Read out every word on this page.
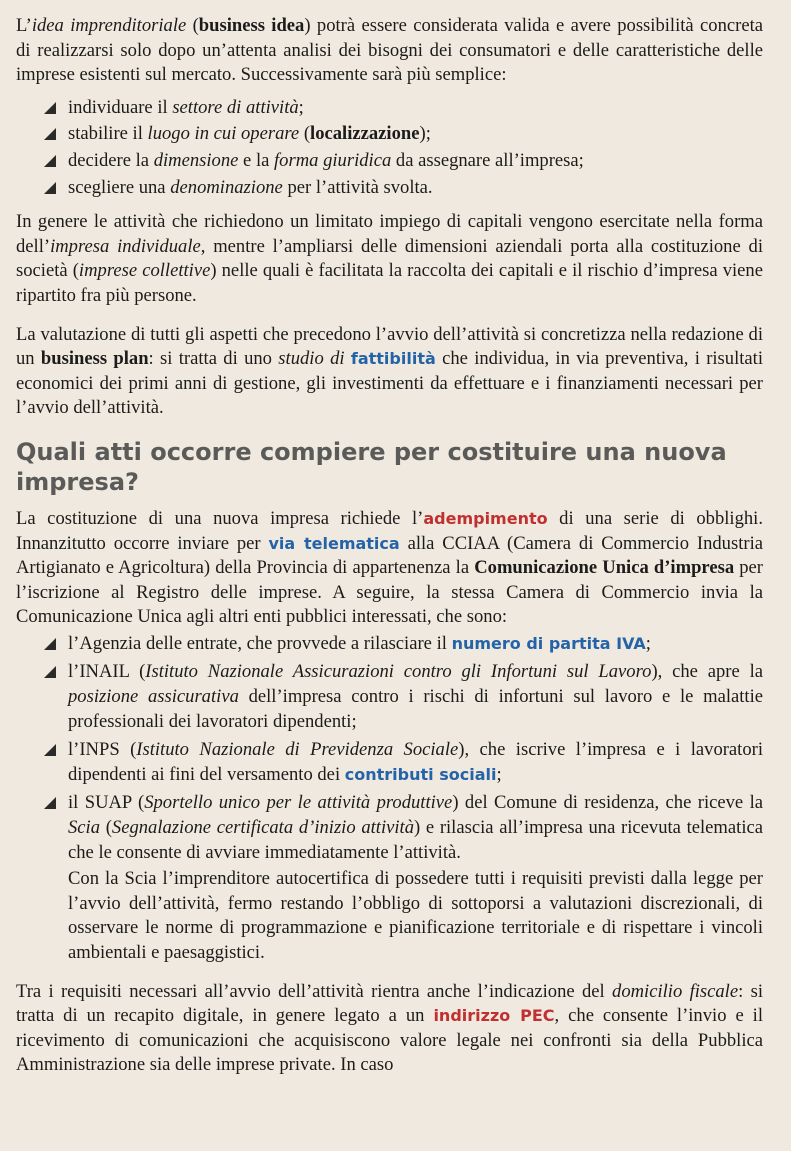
L’idea imprenditoriale (business idea) potrà essere considerata valida e avere possibilità concreta di realizzarsi solo dopo un’attenta analisi dei bisogni dei consumatori e delle caratteristiche delle imprese esistenti sul mercato. Successivamente sarà più semplice:

individuare il settore di attività;
stabilire il luogo in cui operare (localizzazione);
decidere la dimensione e la forma giuridica da assegnare all’impresa;
scegliere una denominazione per l’attività svolta.

In genere le attività che richiedono un limitato impiego di capitali vengono esercitate nella forma dell’impresa individuale, mentre l’ampliarsi delle dimensioni aziendali porta alla costituzione di società (imprese collettive) nelle quali è facilitata la raccolta dei capitali e il rischio d’impresa viene ripartito fra più persone.

La valutazione di tutti gli aspetti che precedono l’avvio dell’attività si concretizza nella redazione di un business plan: si tratta di uno studio di fattibilità che individua, in via preventiva, i risultati economici dei primi anni di gestione, gli investimenti da effettuare e i finanziamenti necessari per l’avvio dell’attività.

Quali atti occorre compiere per costituire una nuova impresa?

La costituzione di una nuova impresa richiede l’adempimento di una serie di obblighi. Innanzitutto occorre inviare per via telematica alla CCIAA (Camera di Commercio Industria Artigianato e Agricoltura) della Provincia di appartenenza la Comunicazione Unica d’impresa per l’iscrizione al Registro delle imprese. A seguire, la stessa Camera di Commercio invia la Comunicazione Unica agli altri enti pubblici interessati, che sono:

l’Agenzia delle entrate, che provvede a rilasciare il numero di partita IVA;
l’INAIL (Istituto Nazionale Assicurazioni contro gli Infortuni sul Lavoro), che apre la posizione assicurativa dell’impresa contro i rischi di infortuni sul lavoro e le malattie professionali dei lavoratori dipendenti;
l’INPS (Istituto Nazionale di Previdenza Sociale), che iscrive l’impresa e i lavoratori dipendenti ai fini del versamento dei contributi sociali;
il SUAP (Sportello unico per le attività produttive) del Comune di residenza, che riceve la Scia (Segnalazione certificata d’inizio attività) e rilascia all’impresa una ricevuta telematica che le consente di avviare immediatamente l’attività.

Con la Scia l’imprenditore autocertifica di possedere tutti i requisiti previsti dalla legge per l’avvio dell’attività, fermo restando l’obbligo di sottoporsi a valutazioni discrezionali, di osservare le norme di programmazione e pianificazione territoriale e di rispettare i vincoli ambientali e paesaggistici.

Tra i requisiti necessari all’avvio dell’attività rientra anche l’indicazione del domicilio fiscale: si tratta di un recapito digitale, in genere legato a un indirizzo PEC, che consente l’invio e il ricevimento di comunicazioni che acquisiscono valore legale nei confronti sia della Pubblica Amministrazione sia delle imprese private. In caso
